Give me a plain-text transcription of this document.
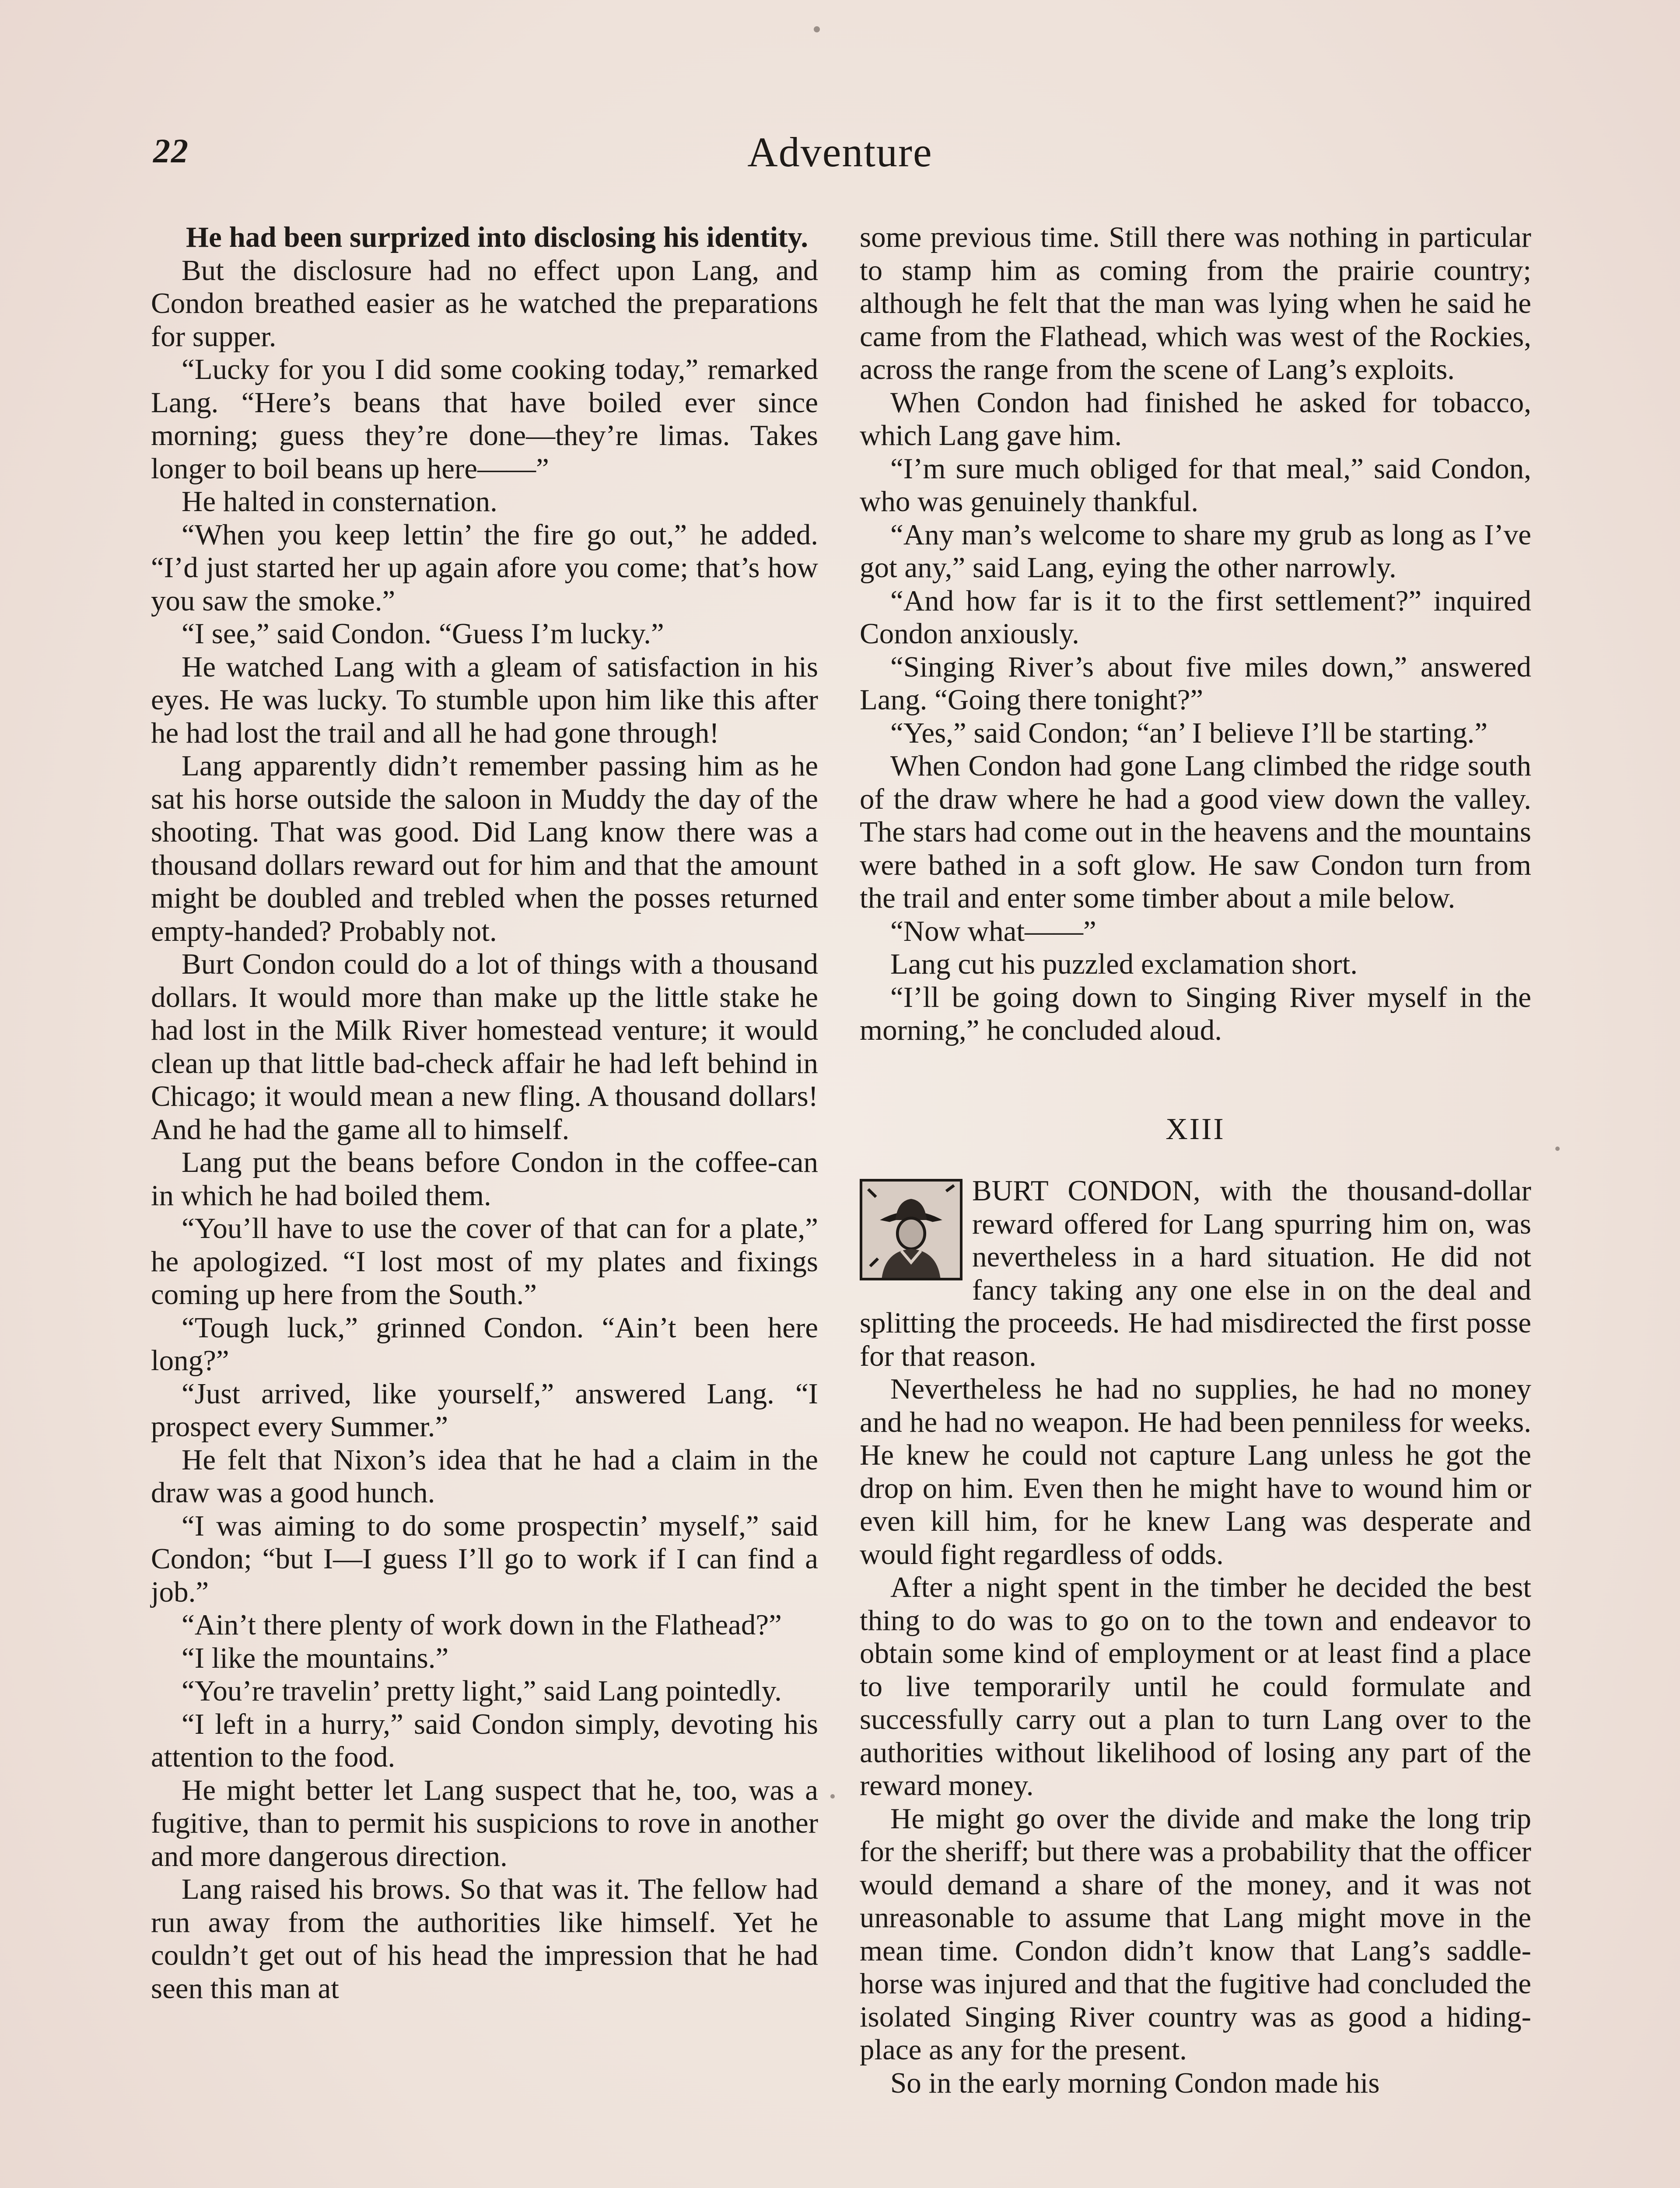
22	Adventure

He had been surprized into disclosing his identity.

But the disclosure had no effect upon Lang, and Condon breathed easier as he watched the preparations for supper.

“Lucky for you I did some cooking today,” remarked Lang. “Here’s beans that have boiled ever since morning; guess they’re done—they’re limas. Takes longer to boil beans up here——”

He halted in consternation.

“When you keep lettin’ the fire go out,” he added. “I’d just started her up again afore you come; that’s how you saw the smoke.”

“I see,” said Condon. “Guess I’m lucky.”

He watched Lang with a gleam of satisfaction in his eyes. He was lucky. To stumble upon him like this after he had lost the trail and all he had gone through!

Lang apparently didn’t remember passing him as he sat his horse outside the saloon in Muddy the day of the shooting. That was good. Did Lang know there was a thousand dollars reward out for him and that the amount might be doubled and trebled when the posses returned empty-handed? Probably not.

Burt Condon could do a lot of things with a thousand dollars. It would more than make up the little stake he had lost in the Milk River homestead venture; it would clean up that little bad-check affair he had left behind in Chicago; it would mean a new fling. A thousand dollars! And he had the game all to himself.

Lang put the beans before Condon in the coffee-can in which he had boiled them.

“You’ll have to use the cover of that can for a plate,” he apologized. “I lost most of my plates and fixings coming up here from the South.”

“Tough luck,” grinned Condon. “Ain’t been here long?”

“Just arrived, like yourself,” answered Lang. “I prospect every Summer.”

He felt that Nixon’s idea that he had a claim in the draw was a good hunch.

“I was aiming to do some prospectin’ myself,” said Condon; “but I—I guess I’ll go to work if I can find a job.”

“Ain’t there plenty of work down in the Flathead?”

“I like the mountains.”

“You’re travelin’ pretty light,” said Lang pointedly.

“I left in a hurry,” said Condon simply, devoting his attention to the food.

He might better let Lang suspect that he, too, was a fugitive, than to permit his suspicions to rove in another and more dangerous direction.

Lang raised his brows. So that was it. The fellow had run away from the authorities like himself. Yet he couldn’t get out of his head the impression that he had seen this man at

some previous time. Still there was nothing in particular to stamp him as coming from the prairie country; although he felt that the man was lying when he said he came from the Flathead, which was west of the Rockies, across the range from the scene of Lang’s exploits.

When Condon had finished he asked for tobacco, which Lang gave him.

“I’m sure much obliged for that meal,” said Condon, who was genuinely thankful.

“Any man’s welcome to share my grub as long as I’ve got any,” said Lang, eying the other narrowly.

“And how far is it to the first settlement?” inquired Condon anxiously.

“Singing River’s about five miles down,” answered Lang. “Going there tonight?”

“Yes,” said Condon; “an’ I believe I’ll be starting.”

When Condon had gone Lang climbed the ridge south of the draw where he had a good view down the valley. The stars had come out in the heavens and the mountains were bathed in a soft glow. He saw Condon turn from the trail and enter some timber about a mile below.

“Now what——”

Lang cut his puzzled exclamation short.

“I’ll be going down to Singing River myself in the morning,” he concluded aloud.

XIII

BURT CONDON, with the thousand-dollar reward offered for Lang spurring him on, was nevertheless in a hard situation. He did not fancy taking any one else in on the deal and splitting the proceeds. He had misdirected the first posse for that reason.

Nevertheless he had no supplies, he had no money and he had no weapon. He had been penniless for weeks. He knew he could not capture Lang unless he got the drop on him. Even then he might have to wound him or even kill him, for he knew Lang was desperate and would fight regardless of odds.

After a night spent in the timber he decided the best thing to do was to go on to the town and endeavor to obtain some kind of employment or at least find a place to live temporarily until he could formulate and successfully carry out a plan to turn Lang over to the authorities without likelihood of losing any part of the reward money.

He might go over the divide and make the long trip for the sheriff; but there was a probability that the officer would demand a share of the money, and it was not unreasonable to assume that Lang might move in the mean time. Condon didn’t know that Lang’s saddle-horse was injured and that the fugitive had concluded the isolated Singing River country was as good a hiding-place as any for the present.

So in the early morning Condon made his
